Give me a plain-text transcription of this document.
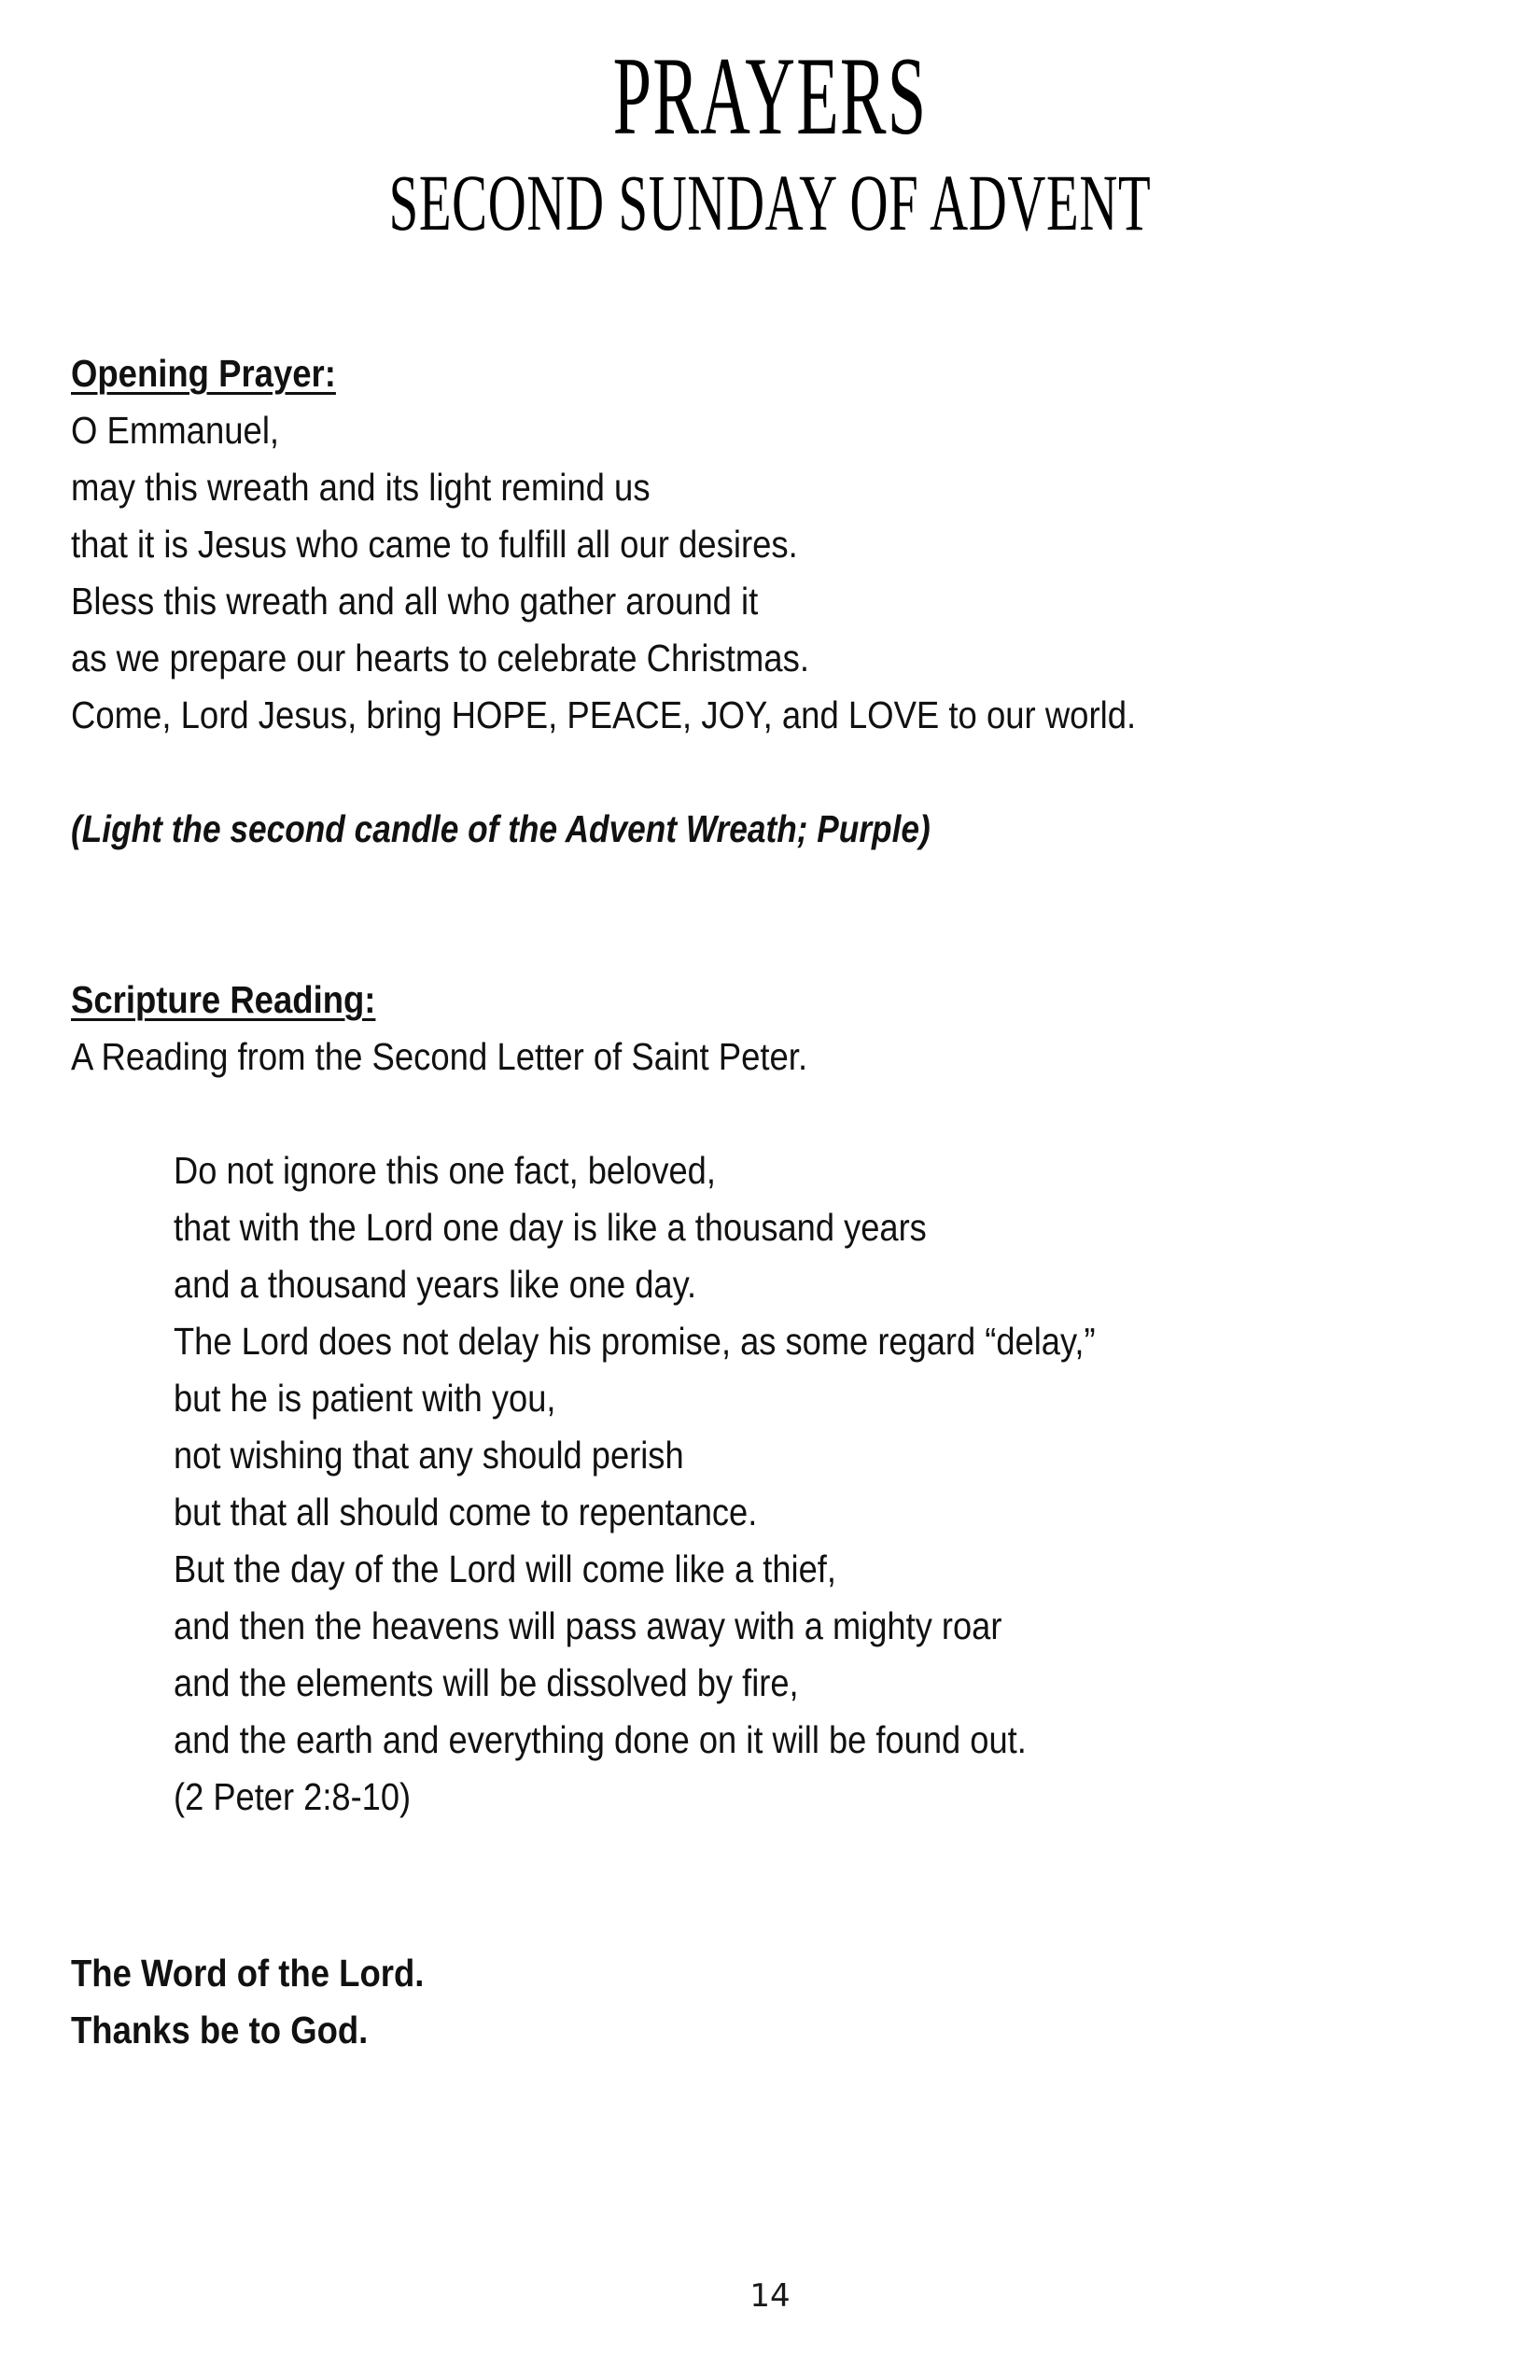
PRAYERS
SECOND SUNDAY OF ADVENT
Opening Prayer:
O Emmanuel,
may this wreath and its light remind us
that it is Jesus who came to fulfill all our desires.
Bless this wreath and all who gather around it
as we prepare our hearts to celebrate Christmas.
Come, Lord Jesus, bring HOPE, PEACE, JOY, and LOVE to our world.
(Light the second candle of the Advent Wreath; Purple)
Scripture Reading:
A Reading from the Second Letter of Saint Peter.
Do not ignore this one fact, beloved,
that with the Lord one day is like a thousand years
and a thousand years like one day.
The Lord does not delay his promise, as some regard “delay,”
but he is patient with you,
not wishing that any should perish
but that all should come to repentance.
But the day of the Lord will come like a thief,
and then the heavens will pass away with a mighty roar
and the elements will be dissolved by fire,
and the earth and everything done on it will be found out.
(2 Peter 2:8-10)
The Word of the Lord.
Thanks be to God.
14
